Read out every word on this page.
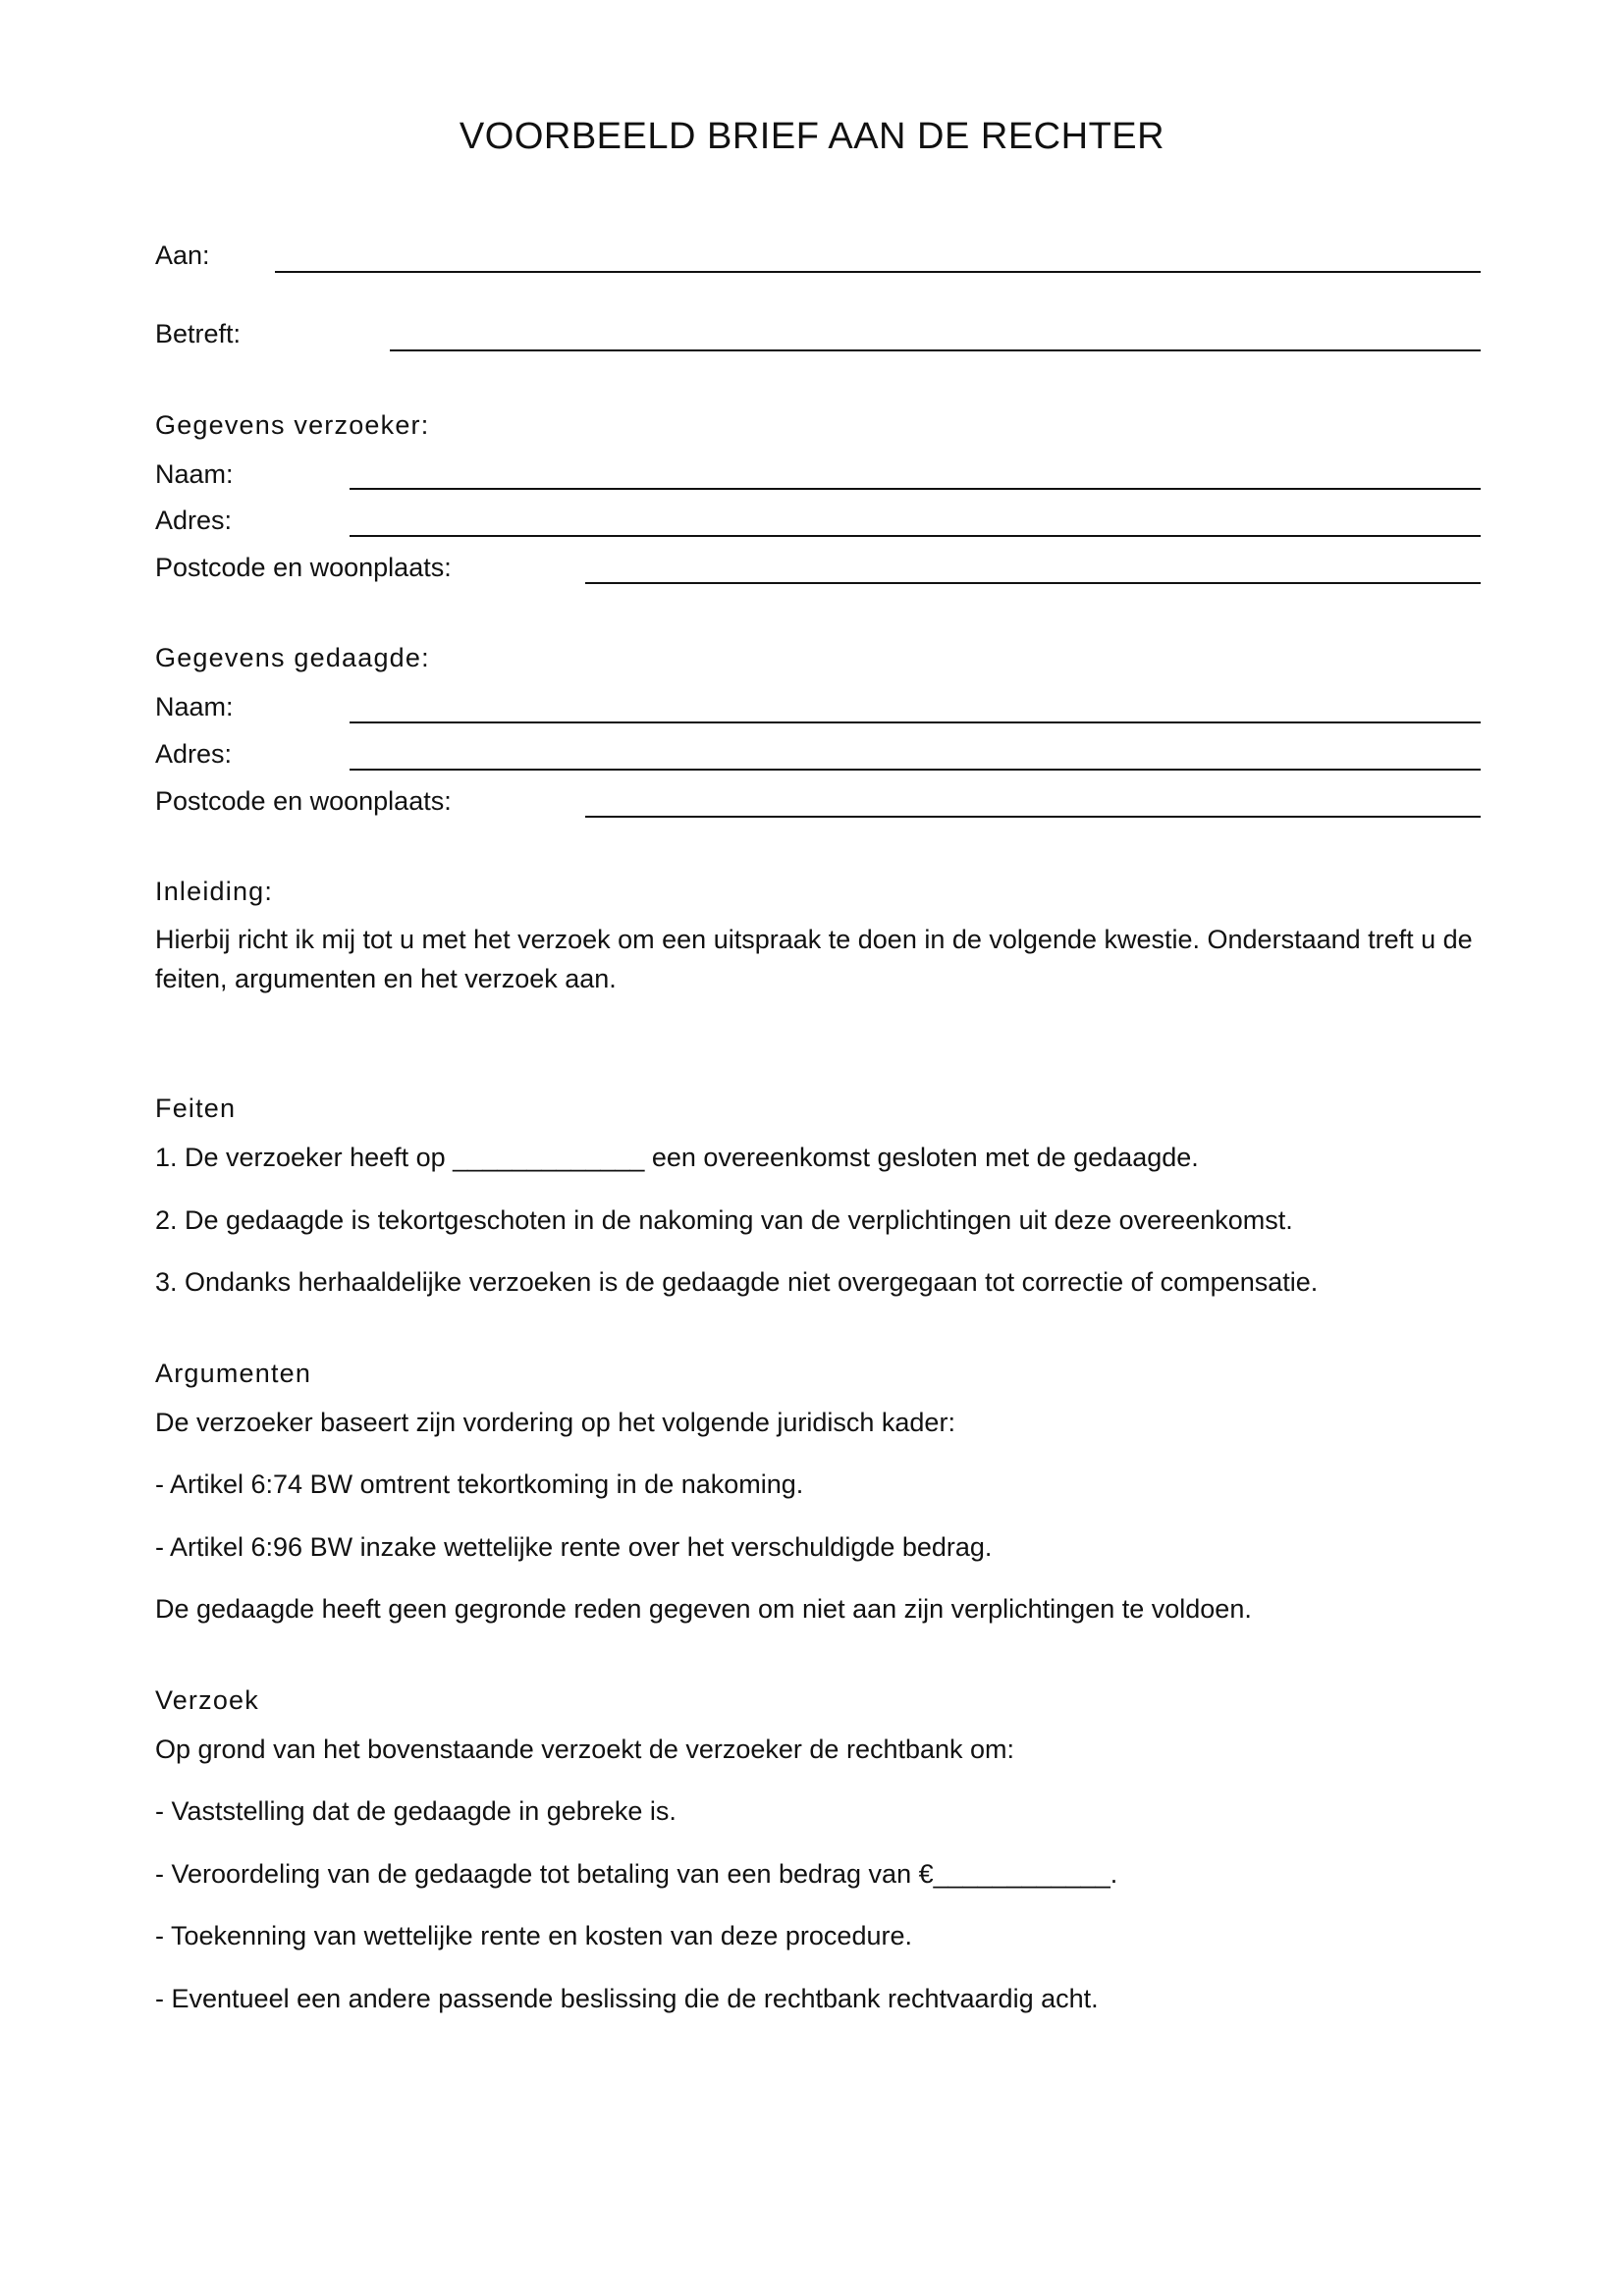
VOORBEELD BRIEF AAN DE RECHTER
Aan:
Betreft:
Gegevens verzoeker:
Naam:
Adres:
Postcode en woonplaats:
Gegevens gedaagde:
Naam:
Adres:
Postcode en woonplaats:
Inleiding:
Hierbij richt ik mij tot u met het verzoek om een uitspraak te doen in de volgende kwestie. Onderstaand treft u de feiten, argumenten en het verzoek aan.
Feiten
1. De verzoeker heeft op _____________ een overeenkomst gesloten met de gedaagde.
2. De gedaagde is tekortgeschoten in de nakoming van de verplichtingen uit deze overeenkomst.
3. Ondanks herhaaldelijke verzoeken is de gedaagde niet overgegaan tot correctie of compensatie.
Argumenten
De verzoeker baseert zijn vordering op het volgende juridisch kader:
- Artikel 6:74 BW omtrent tekortkoming in de nakoming.
- Artikel 6:96 BW inzake wettelijke rente over het verschuldigde bedrag.
De gedaagde heeft geen gegronde reden gegeven om niet aan zijn verplichtingen te voldoen.
Verzoek
Op grond van het bovenstaande verzoekt de verzoeker de rechtbank om:
- Vaststelling dat de gedaagde in gebreke is.
- Veroordeling van de gedaagde tot betaling van een bedrag van €____________.
- Toekenning van wettelijke rente en kosten van deze procedure.
- Eventueel een andere passende beslissing die de rechtbank rechtvaardig acht.
